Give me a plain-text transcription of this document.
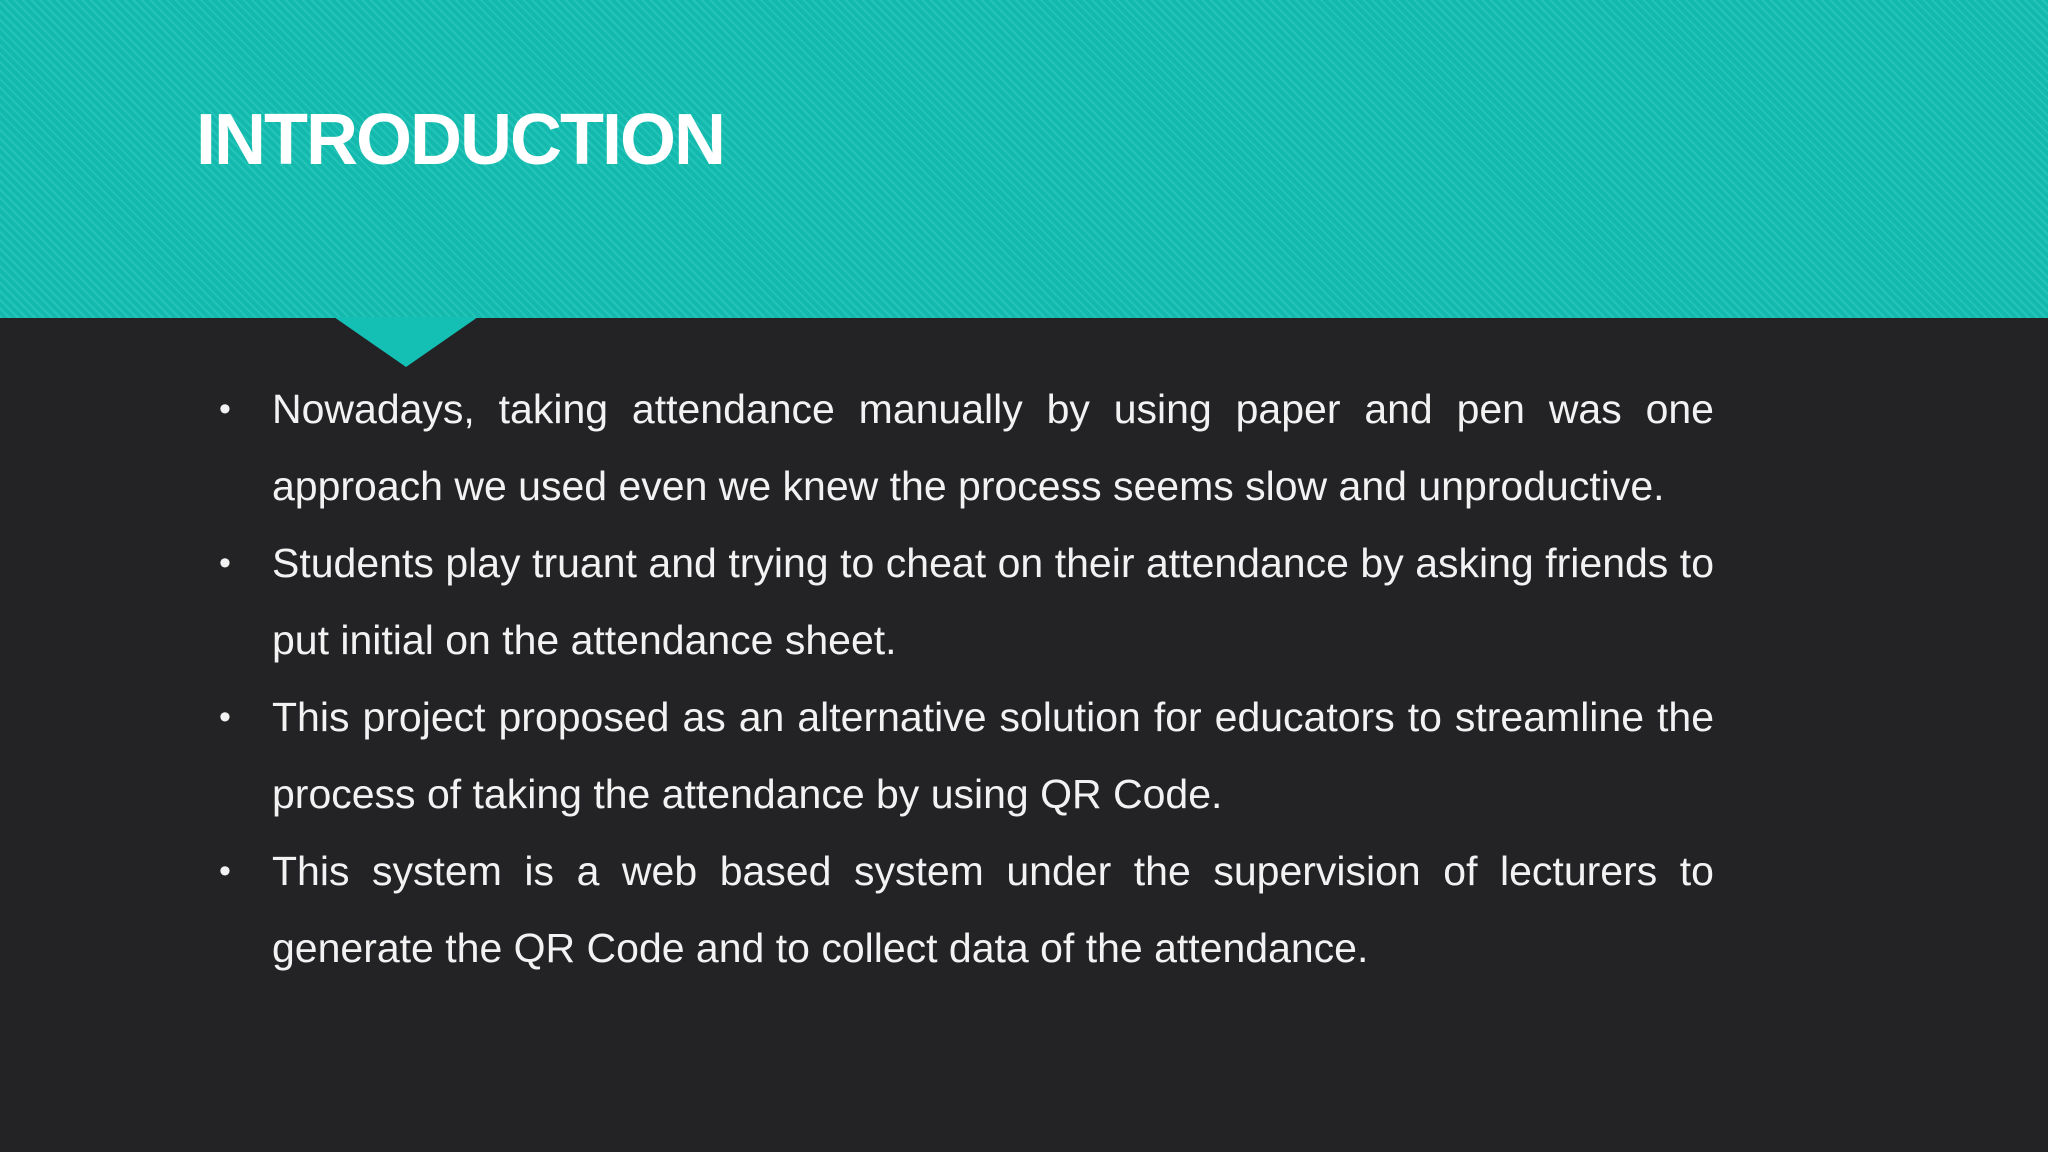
INTRODUCTION
• Nowadays, taking attendance manually by using paper and pen was one approach we used even we knew the process seems slow and unproductive.
• Students play truant and trying to cheat on their attendance by asking friends to put initial on the attendance sheet.
• This project proposed as an alternative solution for educators to streamline the process of taking the attendance by using QR Code.
• This system is a web based system under the supervision of lecturers to generate the QR Code and to collect data of the attendance.
